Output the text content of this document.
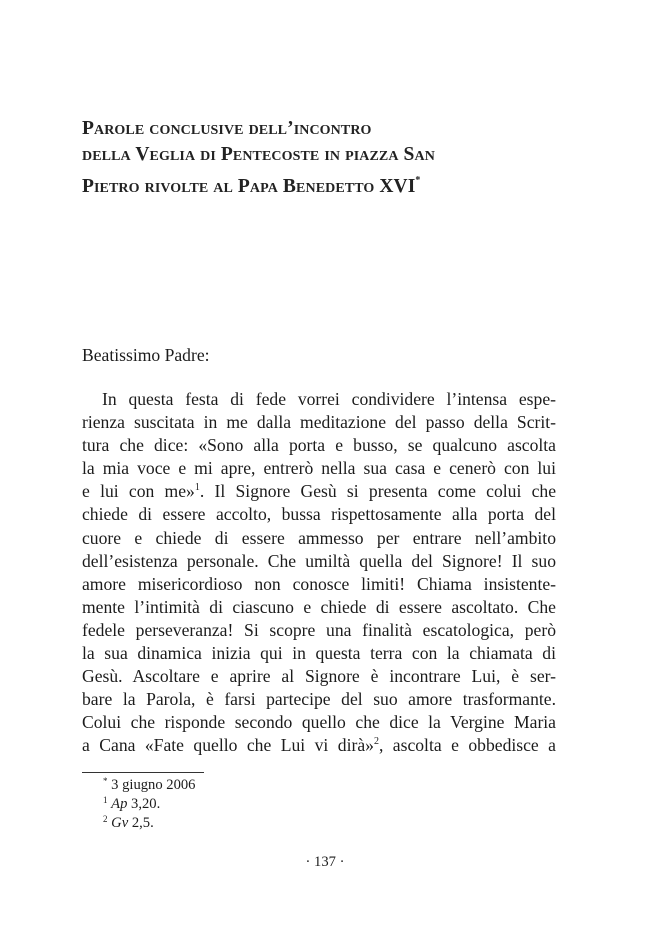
Parole conclusive dell’incontro
della Veglia di Pentecoste in piazza San
Pietro rivolte al Papa Benedetto XVI*
Beatissimo Padre:
In questa festa di fede vorrei condividere l’intensa espe-
rienza suscitata in me dalla meditazione del passo della Scrit-
tura che dice: «Sono alla porta e busso, se qualcuno ascolta
la mia voce e mi apre, entrerò nella sua casa e cenerò con lui
e lui con me»$^1$. Il Signore Gesù si presenta come colui che
chiede di essere accolto, bussa rispettosamente alla porta del
cuore e chiede di essere ammesso per entrare nell’ambito
dell’esistenza personale. Che umiltà quella del Signore! Il suo
amore misericordioso non conosce limiti! Chiama insistente-
mente l’intimità di ciascuno e chiede di essere ascoltato. Che
fedele perseveranza! Si scopre una finalità escatologica, però
la sua dinamica inizia qui in questa terra con la chiamata di
Gesù. Ascoltare e aprire al Signore è incontrare Lui, è ser-
bare la Parola, è farsi partecipe del suo amore trasformante.
Colui che risponde secondo quello che dice la Vergine Maria
a Cana «Fate quello che Lui vi dirà»$^2$, ascolta e obbedisce a
* 3 giugno 2006
$^1$ Ap 3,20.
$^2$ Gv 2,5.
· 137 ·
